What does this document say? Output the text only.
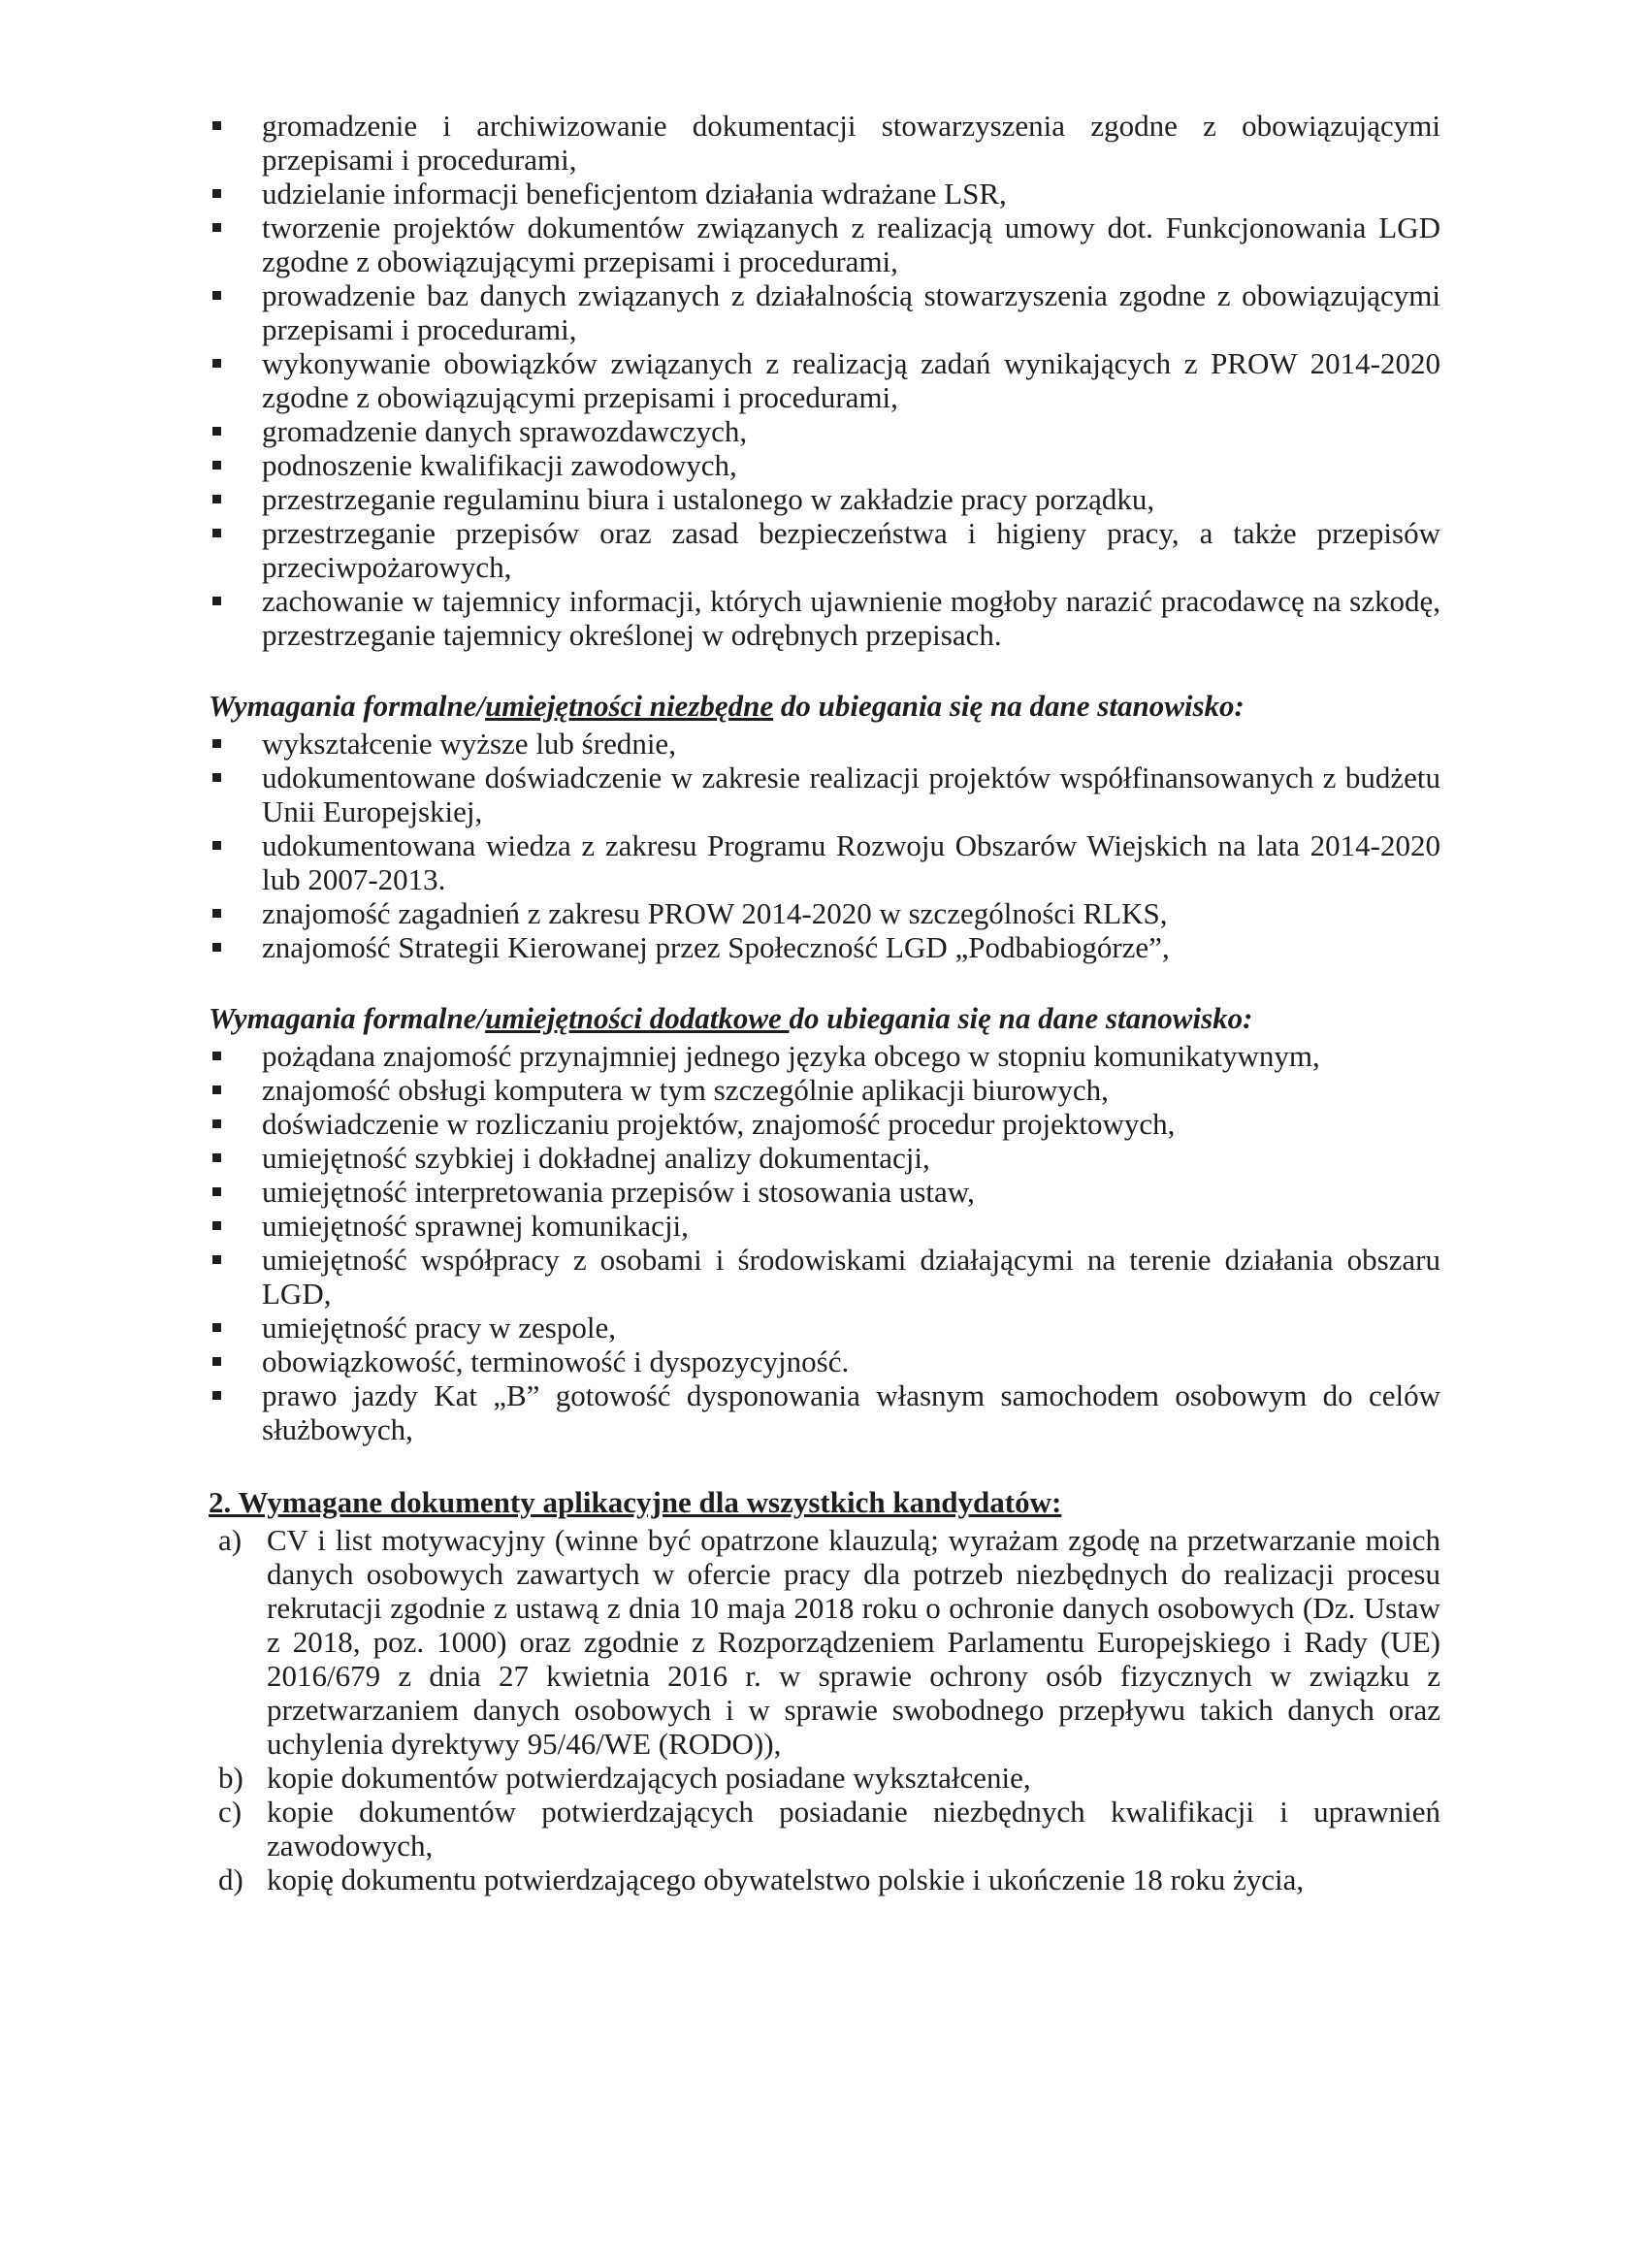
gromadzenie i archiwizowanie dokumentacji stowarzyszenia zgodne z obowiązującymi przepisami i procedurami,
udzielanie informacji beneficjentom działania wdrażane LSR,
tworzenie projektów dokumentów związanych z realizacją umowy dot. Funkcjonowania LGD zgodne z obowiązującymi przepisami i procedurami,
prowadzenie baz danych związanych z działalnością stowarzyszenia zgodne z obowiązującymi przepisami i procedurami,
wykonywanie obowiązków związanych z realizacją zadań wynikających z PROW 2014-2020 zgodne z obowiązującymi przepisami i procedurami,
gromadzenie danych sprawozdawczych,
podnoszenie kwalifikacji zawodowych,
przestrzeganie regulaminu biura i ustalonego w zakładzie pracy porządku,
przestrzeganie przepisów oraz zasad bezpieczeństwa i higieny pracy, a także przepisów przeciwpożarowych,
zachowanie w tajemnicy informacji, których ujawnienie mogłoby narazić pracodawcę na szkodę, przestrzeganie tajemnicy określonej w odrębnych przepisach.
Wymagania formalne/umiejętności niezbędne do ubiegania się na dane stanowisko:
wykształcenie wyższe lub średnie,
udokumentowane doświadczenie w zakresie realizacji projektów współfinansowanych z budżetu Unii Europejskiej,
udokumentowana wiedza z zakresu Programu Rozwoju Obszarów Wiejskich na lata 2014-2020 lub 2007-2013.
znajomość zagadnień z zakresu PROW 2014-2020 w szczególności RLKS,
znajomość Strategii Kierowanej przez Społeczność LGD „Podbabiogórze”,
Wymagania formalne/umiejętności dodatkowe do ubiegania się na dane stanowisko:
pożądana znajomość przynajmniej jednego języka obcego w stopniu komunikatywnym,
znajomość obsługi komputera w tym szczególnie aplikacji biurowych,
doświadczenie w rozliczaniu projektów, znajomość procedur projektowych,
umiejętność szybkiej i dokładnej analizy dokumentacji,
umiejętność interpretowania przepisów i stosowania ustaw,
umiejętność sprawnej komunikacji,
umiejętność współpracy z osobami i środowiskami działającymi na terenie działania obszaru LGD,
umiejętność pracy w zespole,
obowiązkowość, terminowość i dyspozycyjność.
prawo jazdy Kat „B” gotowość dysponowania własnym samochodem osobowym do celów służbowych,
2. Wymagane dokumenty aplikacyjne dla wszystkich kandydatów:
a) CV i list motywacyjny (winne być opatrzone klauzulą; wyrażam zgodę na przetwarzanie moich danych osobowych zawartych w ofercie pracy dla potrzeb niezbędnych do realizacji procesu rekrutacji zgodnie z ustawą z dnia 10 maja 2018 roku o ochronie danych osobowych (Dz. Ustaw z 2018, poz. 1000) oraz zgodnie z Rozporządzeniem Parlamentu Europejskiego i Rady (UE) 2016/679 z dnia 27 kwietnia 2016 r. w sprawie ochrony osób fizycznych w związku z przetwarzaniem danych osobowych i w sprawie swobodnego przepływu takich danych oraz uchylenia dyrektywy 95/46/WE (RODO)),
b) kopie dokumentów potwierdzających posiadane wykształcenie,
c) kopie dokumentów potwierdzających posiadanie niezbędnych kwalifikacji i uprawnień zawodowych,
d) kopię dokumentu potwierdzającego obywatelstwo polskie i ukończenie 18 roku życia,
